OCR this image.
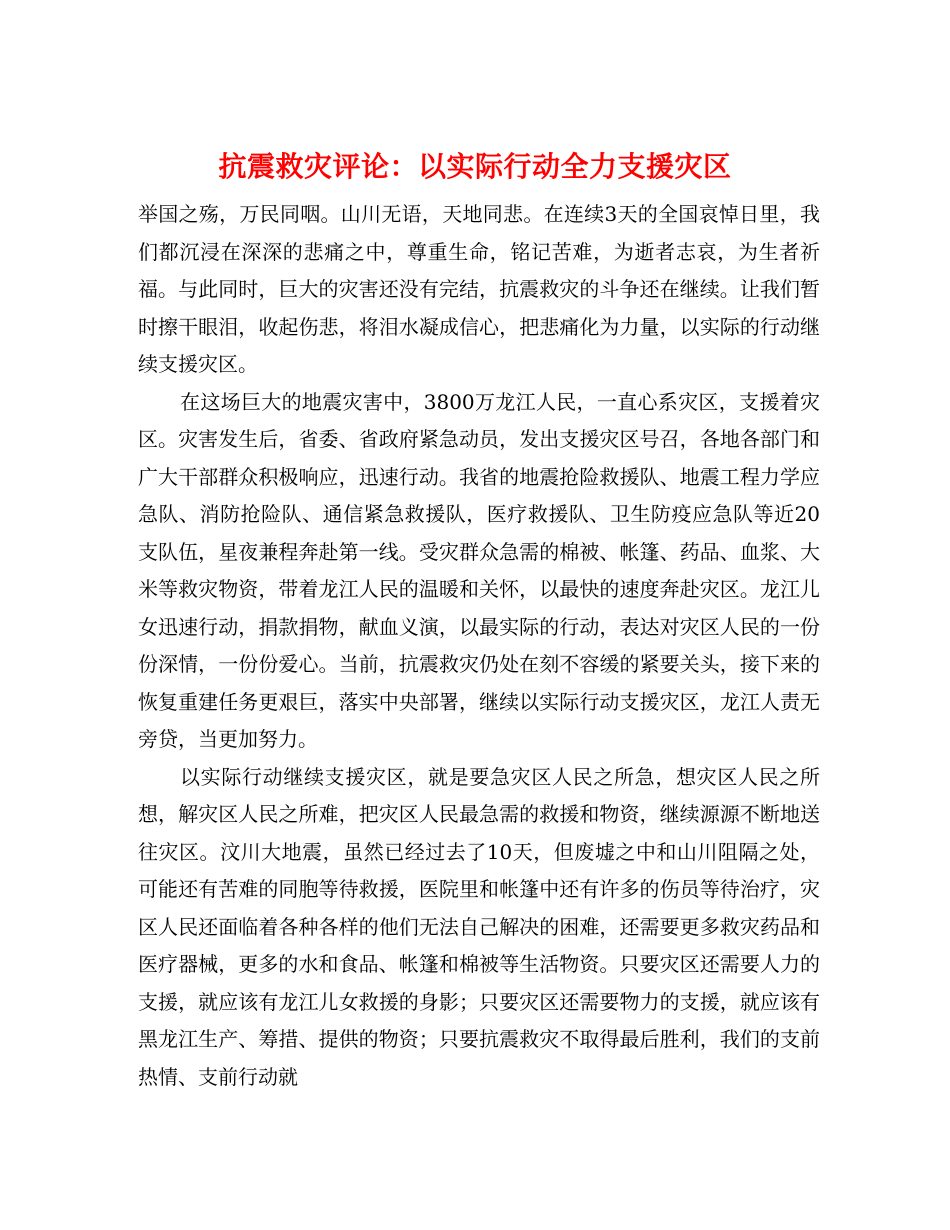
抗震救灾评论：以实际行动全力支援灾区

举国之殇，万民同咽。山川无语，天地同悲。在连续3天的全国哀悼日里，我们都沉浸在深深的悲痛之中，尊重生命，铭记苦难，为逝者志哀，为生者祈福。与此同时，巨大的灾害还没有完结，抗震救灾的斗争还在继续。让我们暂时擦干眼泪，收起伤悲，将泪水凝成信心，把悲痛化为力量，以实际的行动继续支援灾区。

在这场巨大的地震灾害中，3800万龙江人民，一直心系灾区，支援着灾区。灾害发生后，省委、省政府紧急动员，发出支援灾区号召，各地各部门和广大干部群众积极响应，迅速行动。我省的地震抢险救援队、地震工程力学应急队、消防抢险队、通信紧急救援队，医疗救援队、卫生防疫应急队等近20支队伍，星夜兼程奔赴第一线。受灾群众急需的棉被、帐篷、药品、血浆、大米等救灾物资，带着龙江人民的温暖和关怀，以最快的速度奔赴灾区。龙江儿女迅速行动，捐款捐物，献血义演，以最实际的行动，表达对灾区人民的一份份深情，一份份爱心。当前，抗震救灾仍处在刻不容缓的紧要关头，接下来的恢复重建任务更艰巨，落实中央部署，继续以实际行动支援灾区，龙江人责无旁贷，当更加努力。

以实际行动继续支援灾区，就是要急灾区人民之所急，想灾区人民之所想，解灾区人民之所难，把灾区人民最急需的救援和物资，继续源源不断地送往灾区。汶川大地震，虽然已经过去了10天，但废墟之中和山川阻隔之处，可能还有苦难的同胞等待救援，医院里和帐篷中还有许多的伤员等待治疗，灾区人民还面临着各种各样的他们无法自己解决的困难，还需要更多救灾药品和医疗器械，更多的水和食品、帐篷和棉被等生活物资。只要灾区还需要人力的支援，就应该有龙江儿女救援的身影；只要灾区还需要物力的支援，就应该有黑龙江生产、筹措、提供的物资；只要抗震救灾不取得最后胜利，我们的支前热情、支前行动就
